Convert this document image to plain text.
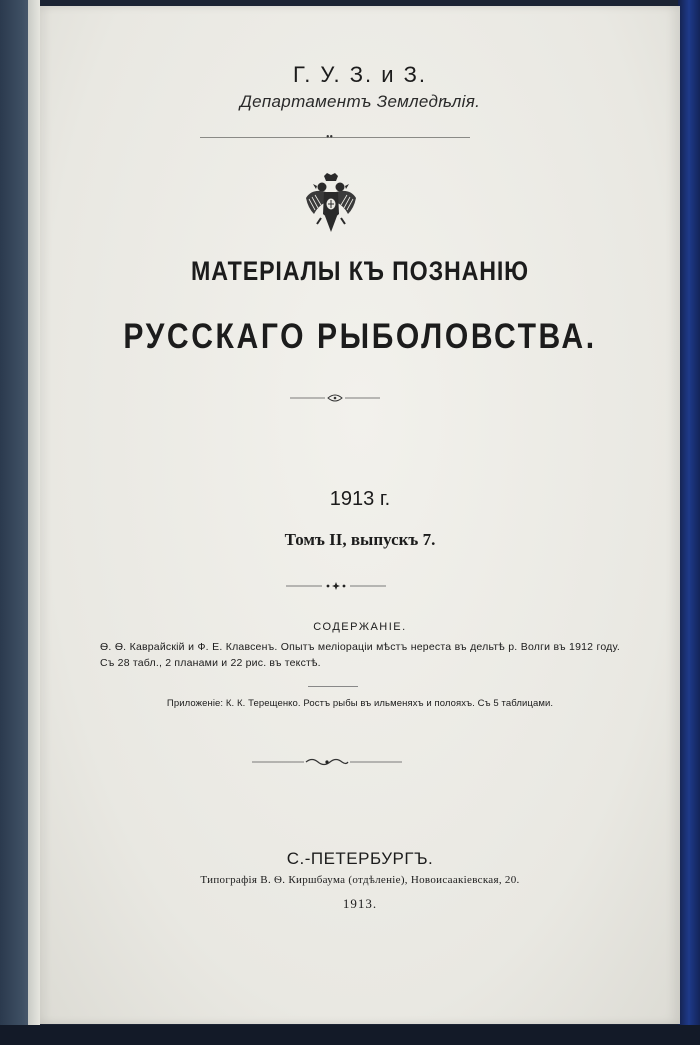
Г. У. З. и З.
Департаментъ Земледѣлія.
••
МАТЕРІАЛЫ КЪ ПОЗНАНІЮ
РУССКАГО РЫБОЛОВСТВА.
1913 г.
Томъ II, выпускъ 7.
СОДЕРЖАНІЕ.
Ѳ. Ѳ. Каврайскій и Ф. Е. Клавсенъ. Опытъ меліораціи мѣстъ нереста въ дельтѣ р. Волги въ 1912 году. Съ 28 табл., 2 планами и 22 рис. въ текстѣ.
Приложеніе: К. К. Терещенко. Ростъ рыбы въ ильменяхъ и полояхъ. Съ 5 таблицами.
С.-ПЕТЕРБУРГЪ.
Типографія В. Ѳ. Киршбаума (отдѣленіе), Новоисаакіевская, 20.
1913.
